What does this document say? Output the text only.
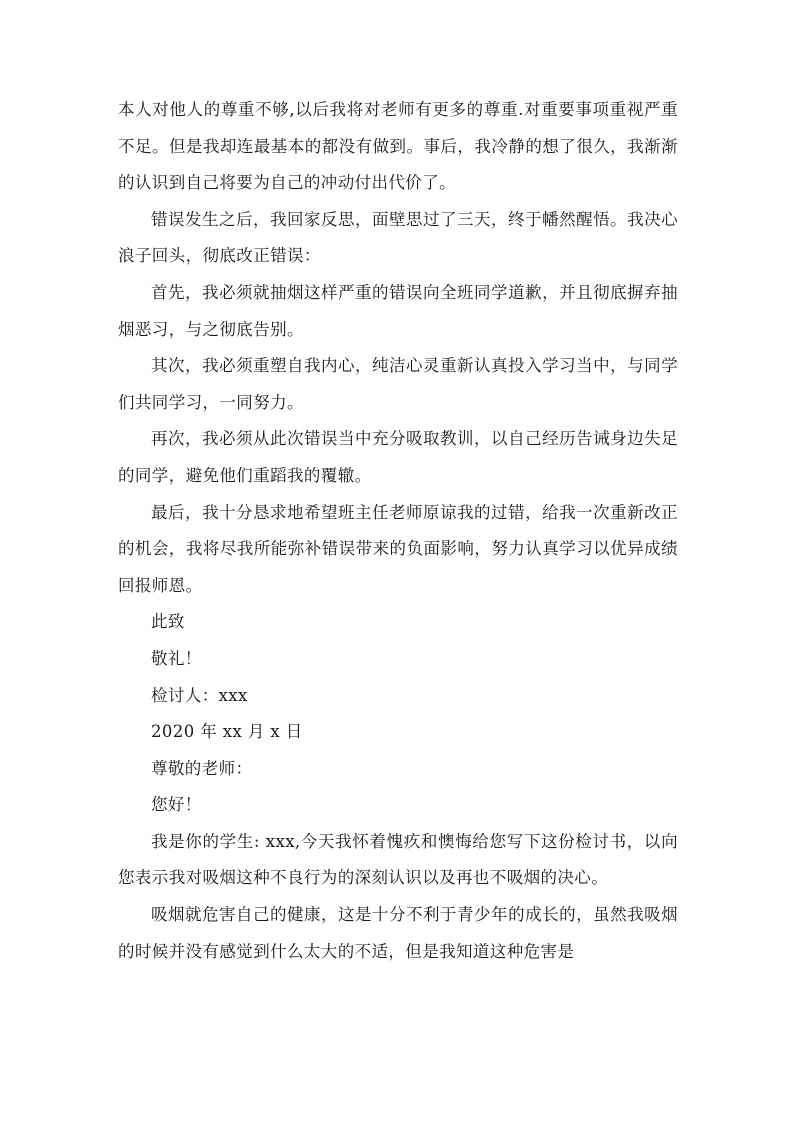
本人对他人的尊重不够,以后我将对老师有更多的尊重.对重要事项重视严重不足。但是我却连最基本的都没有做到。事后，我冷静的想了很久，我渐渐的认识到自己将要为自己的冲动付出代价了。

错误发生之后，我回家反思，面壁思过了三天，终于幡然醒悟。我决心浪子回头，彻底改正错误：

首先，我必须就抽烟这样严重的错误向全班同学道歉，并且彻底摒弃抽烟恶习，与之彻底告别。

其次，我必须重塑自我内心，纯洁心灵重新认真投入学习当中，与同学们共同学习，一同努力。

再次，我必须从此次错误当中充分吸取教训，以自己经历告诫身边失足的同学，避免他们重蹈我的覆辙。

最后，我十分恳求地希望班主任老师原谅我的过错，给我一次重新改正的机会，我将尽我所能弥补错误带来的负面影响，努力认真学习以优异成绩回报师恩。

此致

敬礼！

检讨人：xxx

2020 年 xx 月 x 日

尊敬的老师：

您好！

我是你的学生: xxx,今天我怀着愧疚和懊悔给您写下这份检讨书，以向您表示我对吸烟这种不良行为的深刻认识以及再也不吸烟的决心。

吸烟就危害自己的健康，这是十分不利于青少年的成长的，虽然我吸烟的时候并没有感觉到什么太大的不适，但是我知道这种危害是
